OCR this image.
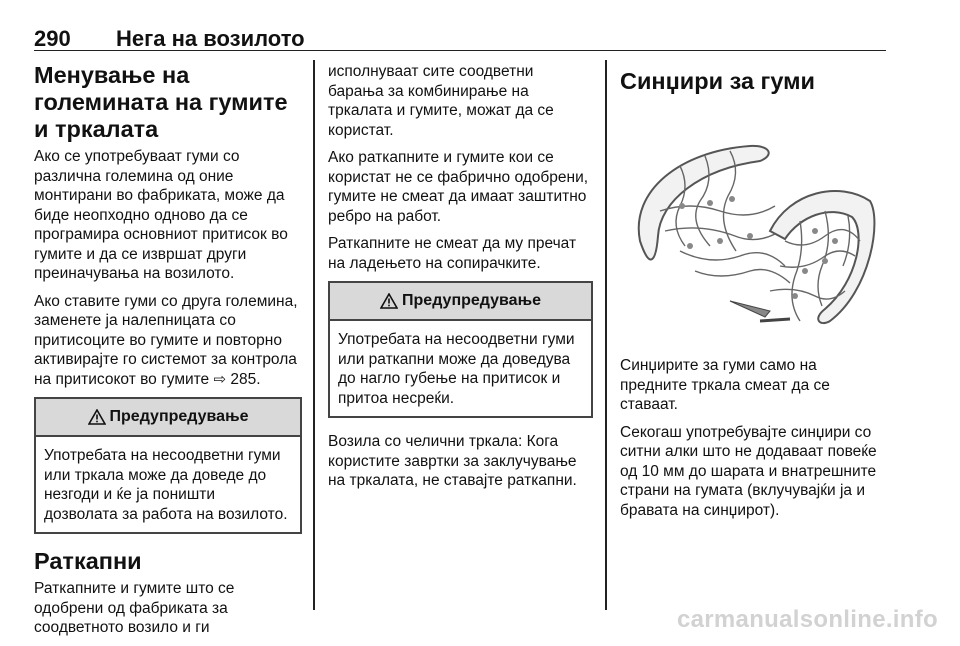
290 Нега на возилото
Менување на големината на гумите и тркалата

Ако се употребуваат гуми со различна големина од оние монтирани во фабриката, може да биде неопходно одново да се програмира основниот притисок во гумите и да се извршат други преиначувања на возилото.

Ако ставите гуми со друга големина, заменете ја налепницата со притисоците во гумите и повторно активирајте го системот за контрола на притисокот во гумите ⇨ 285.

Предупредување
Употребата на несоодветни гуми или тркала може да доведе до незгоди и ќе ја поништи дозволата за работа на возилото.
Раткапни

Раткапните и гумите што се одобрени од фабриката за соодветното возило и ги

исполнуваат сите соодветни барања за комбинирање на тркалата и гумите, можат да се користат.

Ако раткапните и гумите кои се користат не се фабрично одобрени, гумите не смеат да имаат заштитно ребро на работ.

Раткапните не смеат да му пречат на ладењето на сопирачките.

Предупредување
Употребата на несоодветни гуми или раткапни може да доведува до нагло губење на притисок и притоа несреќи.

Возила со челични тркала: Кога користите завртки за заклучување на тркалата, не ставајте раткапни.

Синџири за гуми

Синџирите за гуми само на предните тркала смеат да се ставаат.

Секогаш употребувајте синџири со ситни алки што не додаваат повеќе од 10 мм до шарата и внатрешните страни на гумата (вклучувајќи ја и бравата на синџирот).

carmanualsonline.info
